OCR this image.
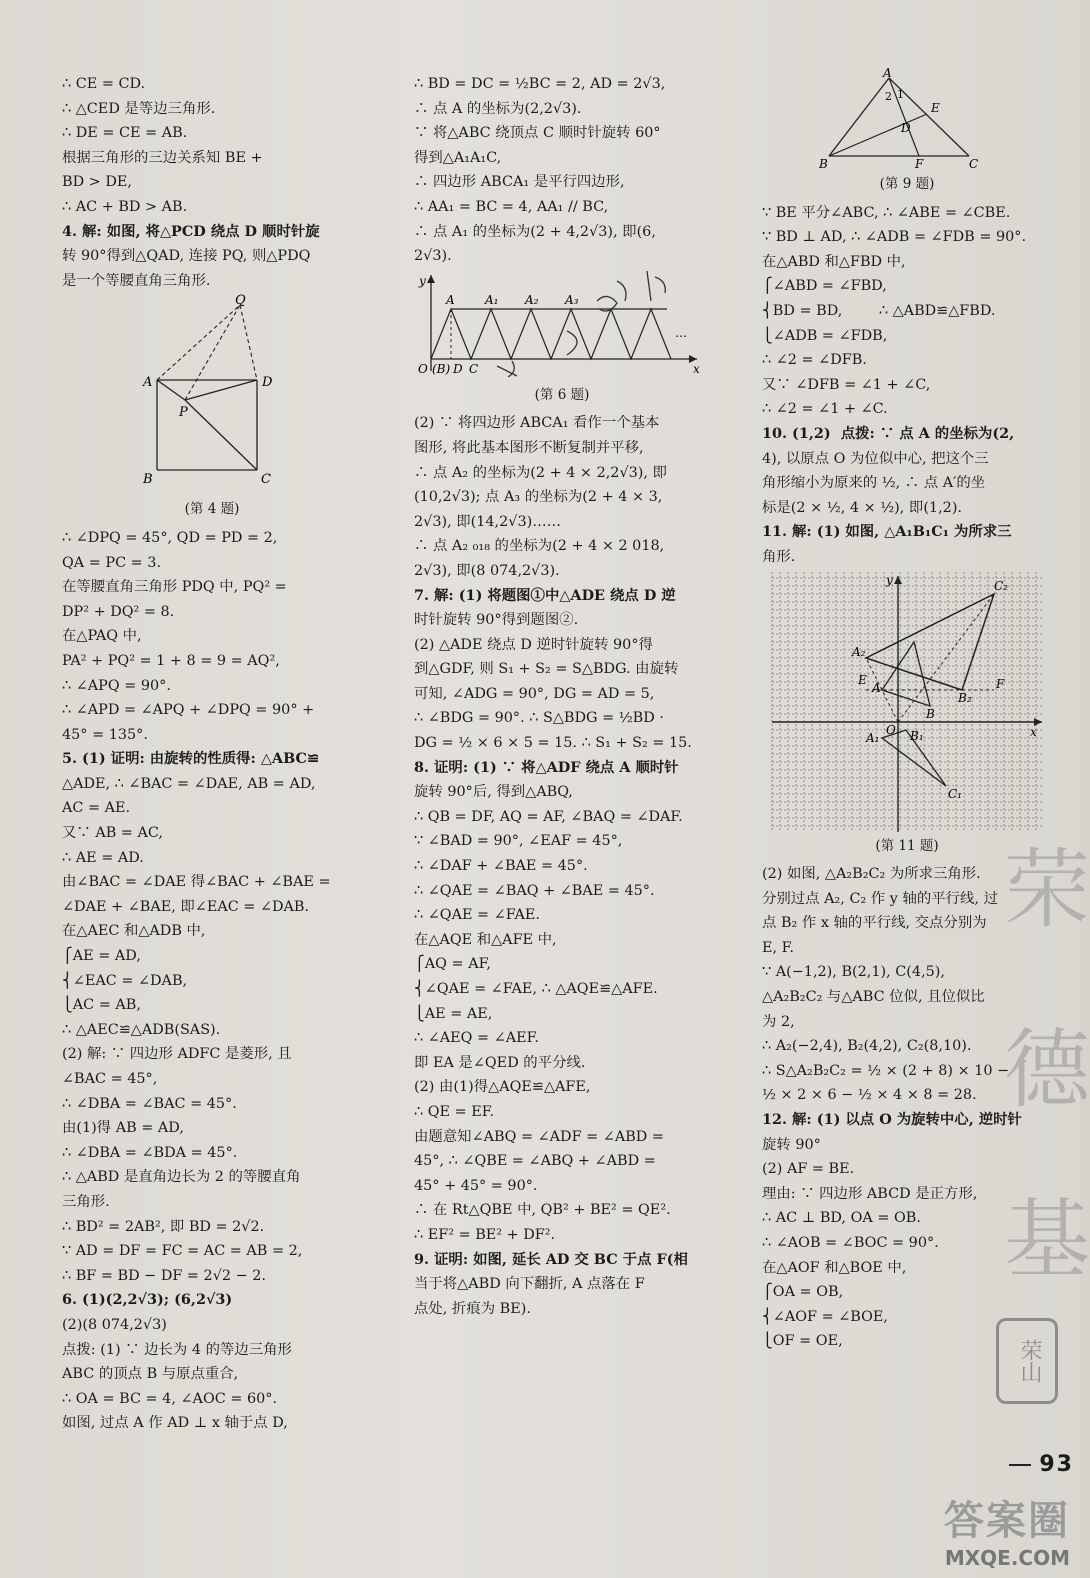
∴ CE = CD.
∴ △CED 是等边三角形.
∴ DE = CE = AB.
根据三角形的三边关系知 BE +
BD > DE,
∴ AC + BD > AB.
4. 解: 如图, 将△PCD 绕点 D 顺时针旋
转 90°得到△QAD, 连接 PQ, 则△PDQ
是一个等腰直角三角形.
Q
A	D
P
B	C
(第 4 题)
∴ ∠DPQ = 45°, QD = PD = 2,
QA = PC = 3.
在等腰直角三角形 PDQ 中, PQ² =
DP² + DQ² = 8.
在△PAQ 中,
PA² + PQ² = 1 + 8 = 9 = AQ²,
∴ ∠APQ = 90°.
∴ ∠APD = ∠APQ + ∠DPQ = 90° +
45° = 135°.
5. (1) 证明: 由旋转的性质得: △ABC≌
△ADE, ∴ ∠BAC = ∠DAE, AB = AD,
AC = AE.
又∵ AB = AC,
∴ AE = AD.
由∠BAC = ∠DAE 得∠BAC + ∠BAE =
∠DAE + ∠BAE, 即∠EAC = ∠DAB.
在△AEC 和△ADB 中,
⎧AE = AD,
⎨∠EAC = ∠DAB,
⎩AC = AB,
∴ △AEC≌△ADB(SAS).
(2) 解: ∵ 四边形 ADFC 是菱形, 且
∠BAC = 45°,
∴ ∠DBA = ∠BAC = 45°.
由(1)得 AB = AD,
∴ ∠DBA = ∠BDA = 45°.
∴ △ABD 是直角边长为 2 的等腰直角
三角形.
∴ BD² = 2AB², 即 BD = 2√2.
∵ AD = DF = FC = AC = AB = 2,
∴ BF = BD − DF = 2√2 − 2.
6. (1)(2,2√3); (6,2√3)
(2)(8 074,2√3)
点拨: (1) ∵ 边长为 4 的等边三角形
ABC 的顶点 B 与原点重合,
∴ OA = BC = 4, ∠AOC = 60°.
如图, 过点 A 作 AD ⊥ x 轴于点 D,
∴ BD = DC = ½BC = 2, AD = 2√3,
∴ 点 A 的坐标为(2,2√3).
∵ 将△ABC 绕顶点 C 顺时针旋转 60°
得到△A₁A₁C,
∴ 四边形 ABCA₁ 是平行四边形,
∴ AA₁ = BC = 4, AA₁ // BC,
∴ 点 A₁ 的坐标为(2 + 4,2√3), 即(6,
2√3).
y
A	A₁ A₂ A₃
O (B) D C	x
…
(第 6 题)
(2) ∵ 将四边形 ABCA₁ 看作一个基本
图形, 将此基本图形不断复制并平移,
∴ 点 A₂ 的坐标为(2 + 4 × 2,2√3), 即
(10,2√3); 点 A₃ 的坐标为(2 + 4 × 3,
2√3), 即(14,2√3)……
∴ 点 A₂ ₀₁₈ 的坐标为(2 + 4 × 2 018,
2√3), 即(8 074,2√3).
7. 解: (1) 将题图①中△ADE 绕点 D 逆
时针旋转 90°得到题图②.
(2) △ADE 绕点 D 逆时针旋转 90°得
到△GDF, 则 S₁ + S₂ = S△BDG. 由旋转
可知, ∠ADG = 90°, DG = AD = 5,
∴ ∠BDG = 90°. ∴ S△BDG = ½BD ·
DG = ½ × 6 × 5 = 15. ∴ S₁ + S₂ = 15.
8. 证明: (1) ∵ 将△ADF 绕点 A 顺时针
旋转 90°后, 得到△ABQ,
∴ QB = DF, AQ = AF, ∠BAQ = ∠DAF.
∵ ∠BAD = 90°, ∠EAF = 45°,
∴ ∠DAF + ∠BAE = 45°.
∴ ∠QAE = ∠BAQ + ∠BAE = 45°.
∴ ∠QAE = ∠FAE.
在△AQE 和△AFE 中,
⎧AQ = AF,
⎨∠QAE = ∠FAE, ∴ △AQE≌△AFE.
⎩AE = AE,
∴ ∠AEQ = ∠AEF.
即 EA 是∠QED 的平分线.
(2) 由(1)得△AQE≌△AFE,
∴ QE = EF.
由题意知∠ABQ = ∠ADF = ∠ABD =
45°, ∴ ∠QBE = ∠ABQ + ∠ABD =
45° + 45° = 90°.
∴ 在 Rt△QBE 中, QB² + BE² = QE².
∴ EF² = BE² + DF².
9. 证明: 如图, 延长 AD 交 BC 于点 F(相
当于将△ABD 向下翻折, A 点落在 F
点处, 折痕为 BE).
A
2 1
E
D
B	F	C
(第 9 题)
∵ BE 平分∠ABC, ∴ ∠ABE = ∠CBE.
∵ BD ⊥ AD, ∴ ∠ADB = ∠FDB = 90°.
在△ABD 和△FBD 中,
⎧∠ABD = ∠FBD,
⎨BD = BD,        ∴ △ABD≌△FBD.
⎩∠ADB = ∠FDB,
∴ ∠2 = ∠DFB.
又∵ ∠DFB = ∠1 + ∠C,
∴ ∠2 = ∠1 + ∠C.
10. (1,2)  点拨: ∵ 点 A 的坐标为(2,
4), 以原点 O 为位似中心, 把这个三
角形缩小为原来的 ½, ∴ 点 A′的坐
标是(2 × ½, 4 × ½), 即(1,2).
11. 解: (1) 如图, △A₁B₁C₁ 为所求三
角形.
y	C₂
A₂
E
A
B₂
F
B
O
A₁	B₁	x
C₁
(第 11 题)
(2) 如图, △A₂B₂C₂ 为所求三角形.
分别过点 A₂, C₂ 作 y 轴的平行线, 过
点 B₂ 作 x 轴的平行线, 交点分别为
E, F.
∵ A(−1,2), B(2,1), C(4,5),
△A₂B₂C₂ 与△ABC 位似, 且位似比
为 2,
∴ A₂(−2,4), B₂(4,2), C₂(8,10).
∴ S△A₂B₂C₂ = ½ × (2 + 8) × 10 −
½ × 2 × 6 − ½ × 4 × 8 = 28.
12. 解: (1) 以点 O 为旋转中心, 逆时针
旋转 90°
(2) AF = BE.
理由: ∵ 四边形 ABCD 是正方形,
∴ AC ⊥ BD, OA = OB.
∴ ∠AOB = ∠BOC = 90°.
在△AOF 和△BOE 中,
⎧OA = OB,
⎨∠AOF = ∠BOE,
⎩OF = OE,
荣
德
基
荣山
93
答案圈
MXQE.COM
